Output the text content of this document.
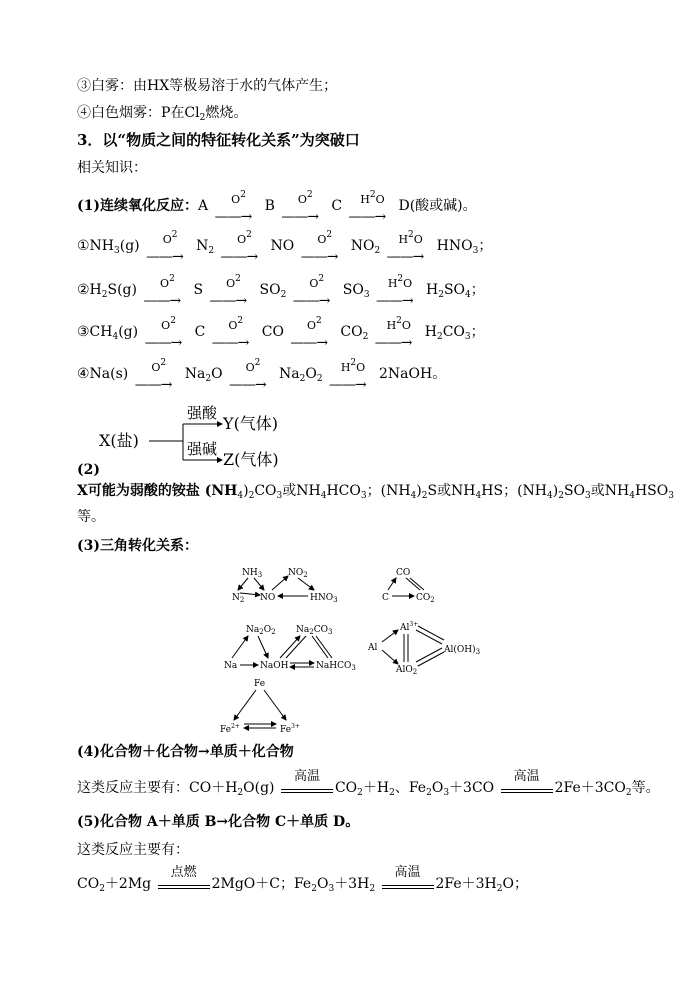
③白雾：由HX等极易溶于水的气体产生；
④白色烟雾：P在$Cl_2$燃烧。
3．以“物质之间的特征转化关系”为突破口
相关知识：
(1)连续氧化反应：A	$O^2$
——→
B	$O^2$
——→
C	$H^2O$
——→
D(酸或碱)。
$①NH_3(g)$	$O^2$
——→
$N_2$
$O^2$
——→
NO	$O^2$
——→
$NO_2$
$H^2O$
——→
$HNO_3$；
$②H_2S(g)$	$O^2$
——→
S	$O^2$
——→
$SO_2$
$O^2$
——→
$SO_3$
$H^2O$
——→
$H_2SO_4$；
$③CH_4(g)$	$O^2$
——→
C	$O^2$
——→
CO	$O^2$
——→
$CO_2$
$H^2O$
——→
$H_2CO_3$；
④Na(s)	$O^2$
——→
$Na_2O$	$O^2$
——→
$Na_2O_2$
$H^2O$
——→
2NaOH。
X(盐)
强酸
强碱
Y(气体)
Z(气体)
(2)
X可能为弱酸的铵盐 $(NH_4)_2CO_3$或$NH_4HCO_3$；$(NH_4)_2S$或$NH_4HS$；$(NH_4)_2SO_3$或$NH_4HSO_3$
等。
(3)三角转化关系：
$NH_3$	$NO_2$
$N_2$ NO	$HNO_3$
CO
C	$CO_2$
$Na_2O_2$ $Na_2CO_3$
Na	NaOH	NaHCO$_3$
Al
$Al^{3+}$
$Al(OH)_3$
AlO$_2$
Fe
$Fe^{2+}$	$Fe^{3+}$
(4)化合物＋化合物→单质＋化合物
这类反应主要有：$CO+H_2O(g)$
高温
$CO_2+H_2$、$Fe_2O_3+3CO$
高温
$2Fe+3CO_2$等。
(5)化合物 A＋单质 B→化合物 C＋单质 D。
这类反应主要有：
$CO_2+2Mg$
点燃
2MgO＋C；$Fe_2O_3+3H_2$
高温
$2Fe+3H_2O$；
